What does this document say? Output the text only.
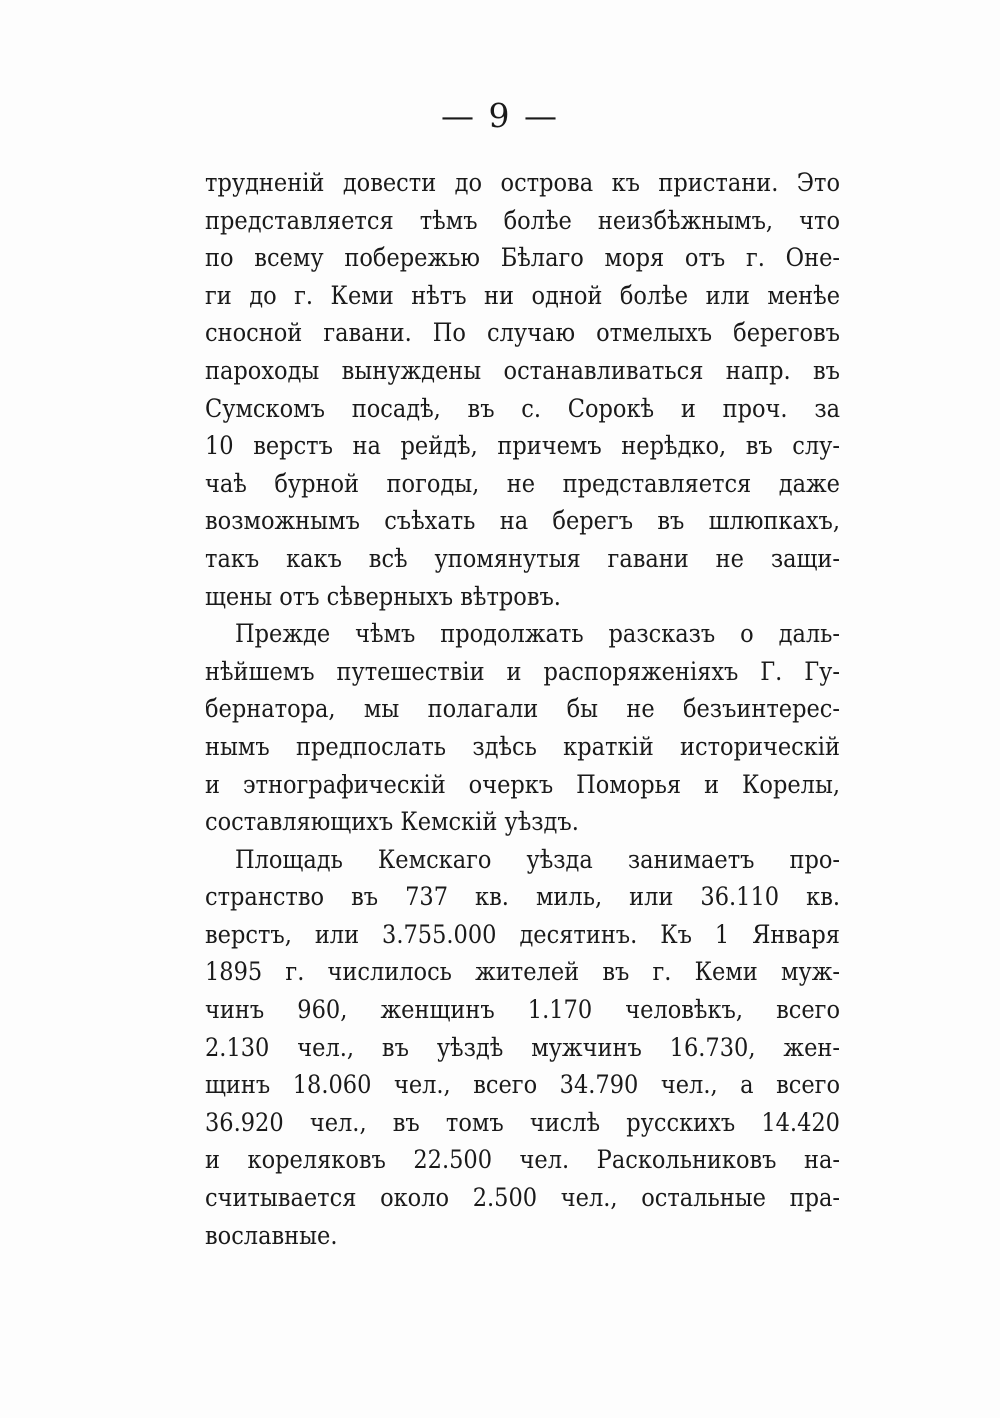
— 9 —
трудненій довести до острова къ пристани. Это
представляется тѣмъ болѣе неизбѣжнымъ, что
по всему побережью Бѣлаго моря отъ г. Оне-
ги до г. Кеми нѣтъ ни одной болѣе или менѣе
сносной гавани. По случаю отмелыхъ береговъ
пароходы вынуждены останавливаться напр. въ
Сумскомъ посадѣ, въ с. Сорокѣ и проч. за
10 верстъ на рейдѣ, причемъ нерѣдко, въ слу-
чаѣ бурной погоды, не представляется даже
возможнымъ съѣхать на берегъ въ шлюпкахъ,
такъ какъ всѣ упомянутыя гавани не защи-
щены отъ сѣверныхъ вѣтровъ.
Прежде чѣмъ продолжать разсказъ о даль-
нѣйшемъ путешествіи и распоряженіяхъ Г. Гу-
бернатора, мы полагали бы не безъинтерес-
нымъ предпослать здѣсь краткій историческій
и этнографическій очеркъ Поморья и Корелы,
составляющихъ Кемскій уѣздъ.
Площадь Кемскаго уѣзда занимаетъ про-
странство въ 737 кв. миль, или 36.110 кв.
верстъ, или 3.755.000 десятинъ. Къ 1 Января
1895 г. числилось жителей въ г. Кеми муж-
чинъ 960, женщинъ 1.170 человѣкъ, всего
2.130 чел., въ уѣздѣ мужчинъ 16.730, жен-
щинъ 18.060 чел., всего 34.790 чел., а всего
36.920 чел., въ томъ числѣ русскихъ 14.420
и кореляковъ 22.500 чел. Раскольниковъ на-
считывается около 2.500 чел., остальные пра-
вославные.
